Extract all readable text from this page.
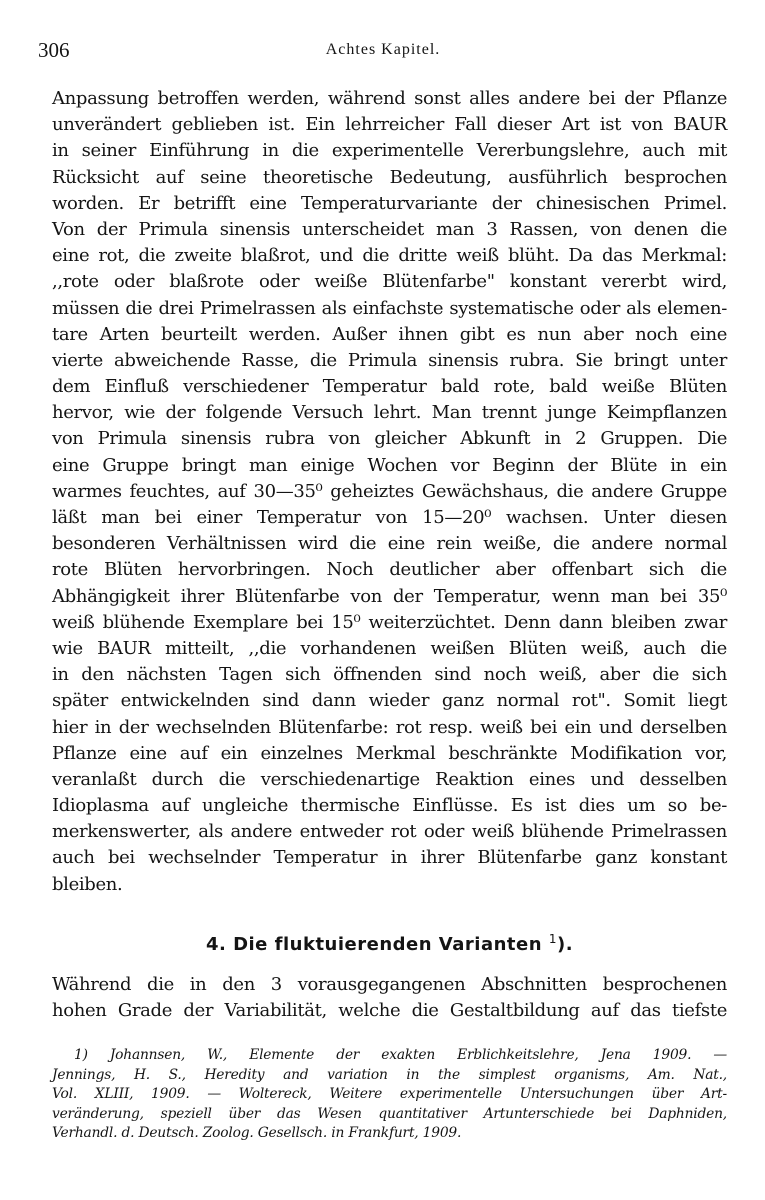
306	Achtes Kapitel.
Anpassung betroffen werden, während sonst alles andere bei der Pflanze
unverändert geblieben ist. Ein lehrreicher Fall dieser Art ist von BAUR
in seiner Einführung in die experimentelle Vererbungslehre, auch mit
Rücksicht auf seine theoretische Bedeutung, ausführlich besprochen
worden. Er betrifft eine Temperaturvariante der chinesischen Primel.
Von der Primula sinensis unterscheidet man 3 Rassen, von denen die
eine rot, die zweite blaßrot, und die dritte weiß blüht. Da das Merkmal:
,,rote oder blaßrote oder weiße Blütenfarbe" konstant vererbt wird,
müssen die drei Primelrassen als einfachste systematische oder als elemen-
tare Arten beurteilt werden. Außer ihnen gibt es nun aber noch eine
vierte abweichende Rasse, die Primula sinensis rubra. Sie bringt unter
dem Einfluß verschiedener Temperatur bald rote, bald weiße Blüten
hervor, wie der folgende Versuch lehrt. Man trennt junge Keimpflanzen
von Primula sinensis rubra von gleicher Abkunft in 2 Gruppen. Die
eine Gruppe bringt man einige Wochen vor Beginn der Blüte in ein
warmes feuchtes, auf 30—35⁰ geheiztes Gewächshaus, die andere Gruppe
läßt man bei einer Temperatur von 15—20⁰ wachsen. Unter diesen
besonderen Verhältnissen wird die eine rein weiße, die andere normal
rote Blüten hervorbringen. Noch deutlicher aber offenbart sich die
Abhängigkeit ihrer Blütenfarbe von der Temperatur, wenn man bei 35⁰
weiß blühende Exemplare bei 15⁰ weiterzüchtet. Denn dann bleiben zwar
wie BAUR mitteilt, ,,die vorhandenen weißen Blüten weiß, auch die
in den nächsten Tagen sich öffnenden sind noch weiß, aber die sich
später entwickelnden sind dann wieder ganz normal rot". Somit liegt
hier in der wechselnden Blütenfarbe: rot resp. weiß bei ein und derselben
Pflanze eine auf ein einzelnes Merkmal beschränkte Modifikation vor,
veranlaßt durch die verschiedenartige Reaktion eines und desselben
Idioplasma auf ungleiche thermische Einflüsse. Es ist dies um so be-
merkenswerter, als andere entweder rot oder weiß blühende Primelrassen
auch bei wechselnder Temperatur in ihrer Blütenfarbe ganz konstant
bleiben.
4. Die fluktuierenden Varianten $^1$).
Während die in den 3 vorausgegangenen Abschnitten besprochenen
hohen Grade der Variabilität, welche die Gestaltbildung auf das tiefste
1) Johannsen, W., Elemente der exakten Erblichkeitslehre, Jena 1909. —
Jennings, H. S., Heredity and variation in the simplest organisms, Am. Nat.,
Vol. XLIII, 1909. — Woltereck, Weitere experimentelle Untersuchungen über Art-
veränderung, speziell über das Wesen quantitativer Artunterschiede bei Daphniden,
Verhandl. d. Deutsch. Zoolog. Gesellsch. in Frankfurt, 1909.
